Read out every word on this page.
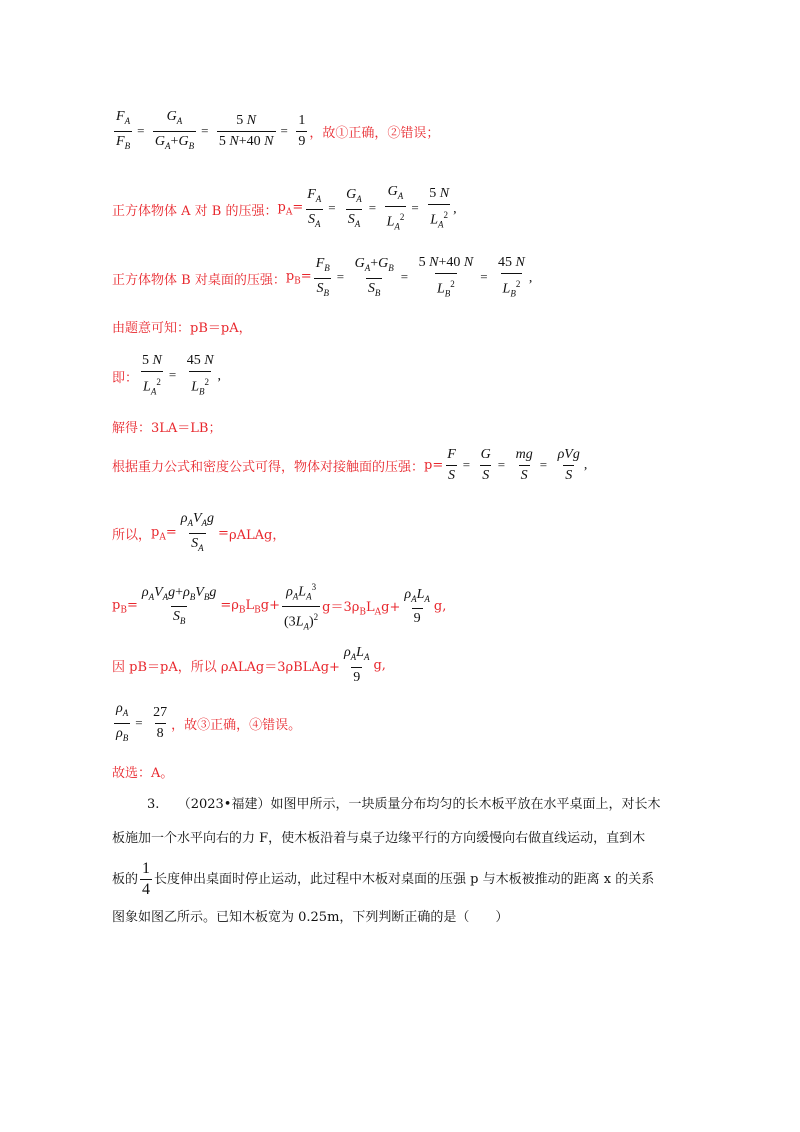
$\frac{F_A}{F_B} = \frac{G_A}{G_A+G_B} = \frac{5 N}{5 N+40 N} = \frac{1}{9}$ ，故①正确，②错误；
正方体物体 A 对 B 的压强： $p_A= \frac{F_A}{S_A} = \frac{G_A}{S_A} = \frac{G_A}{L_A^2} = \frac{5 N}{L_A^2}$ ,
正方体物体 B 对桌面的压强： $p_B= \frac{F_B}{S_B} = \frac{G_A+G_B}{S_B} = \frac{5 N+40 N}{L_B^2} = \frac{45 N}{L_B^2}$ ,
由题意可知：pB＝pA，
即： $\frac{5 N}{L_A^2} = \frac{45 N}{L_B^2}$ ,
解得：3LA＝LB；
根据重力公式和密度公式可得，物体对接触面的压强： $p= \frac{F}{S} = \frac{G}{S} = \frac{mg}{S} = \frac{\text{ρVg}}{S}$ ,
所以， $p_A= \frac{\rho_AV_Ag}{S_A}$ = ρALAg，
$p_B= \frac{\rho_AV_Ag+\rho_BV_Bg}{S_B} =\rho_BL_Bg+ \frac{\rho_AL_A^3}{(3L_A)^2} g=3\rho_BL_Ag+ \frac{\rho_AL_A}{9} g$,
因 pB＝pA，所以 ρALAg＝3ρBLAg+ $\frac{\rho_AL_A}{9} g$,
$\frac{\rho_A}{\rho_B} = \frac{27}{8}$ ，故③正确，④错误。
故选：A。
3. （2023•福建）如图甲所示，一块质量分布均匀的长木板平放在水平桌面上，对长木
板施加一个水平向右的力 F，使木板沿着与桌子边缘平行的方向缓慢向右做直线运动，直到木
板的 $\frac{1}{4}$ 长度伸出桌面时停止运动，此过程中木板对桌面的压强 p 与木板被推动的距离 x 的关系
图象如图乙所示。已知木板宽为 0.25m，下列判断正确的是（　　）
